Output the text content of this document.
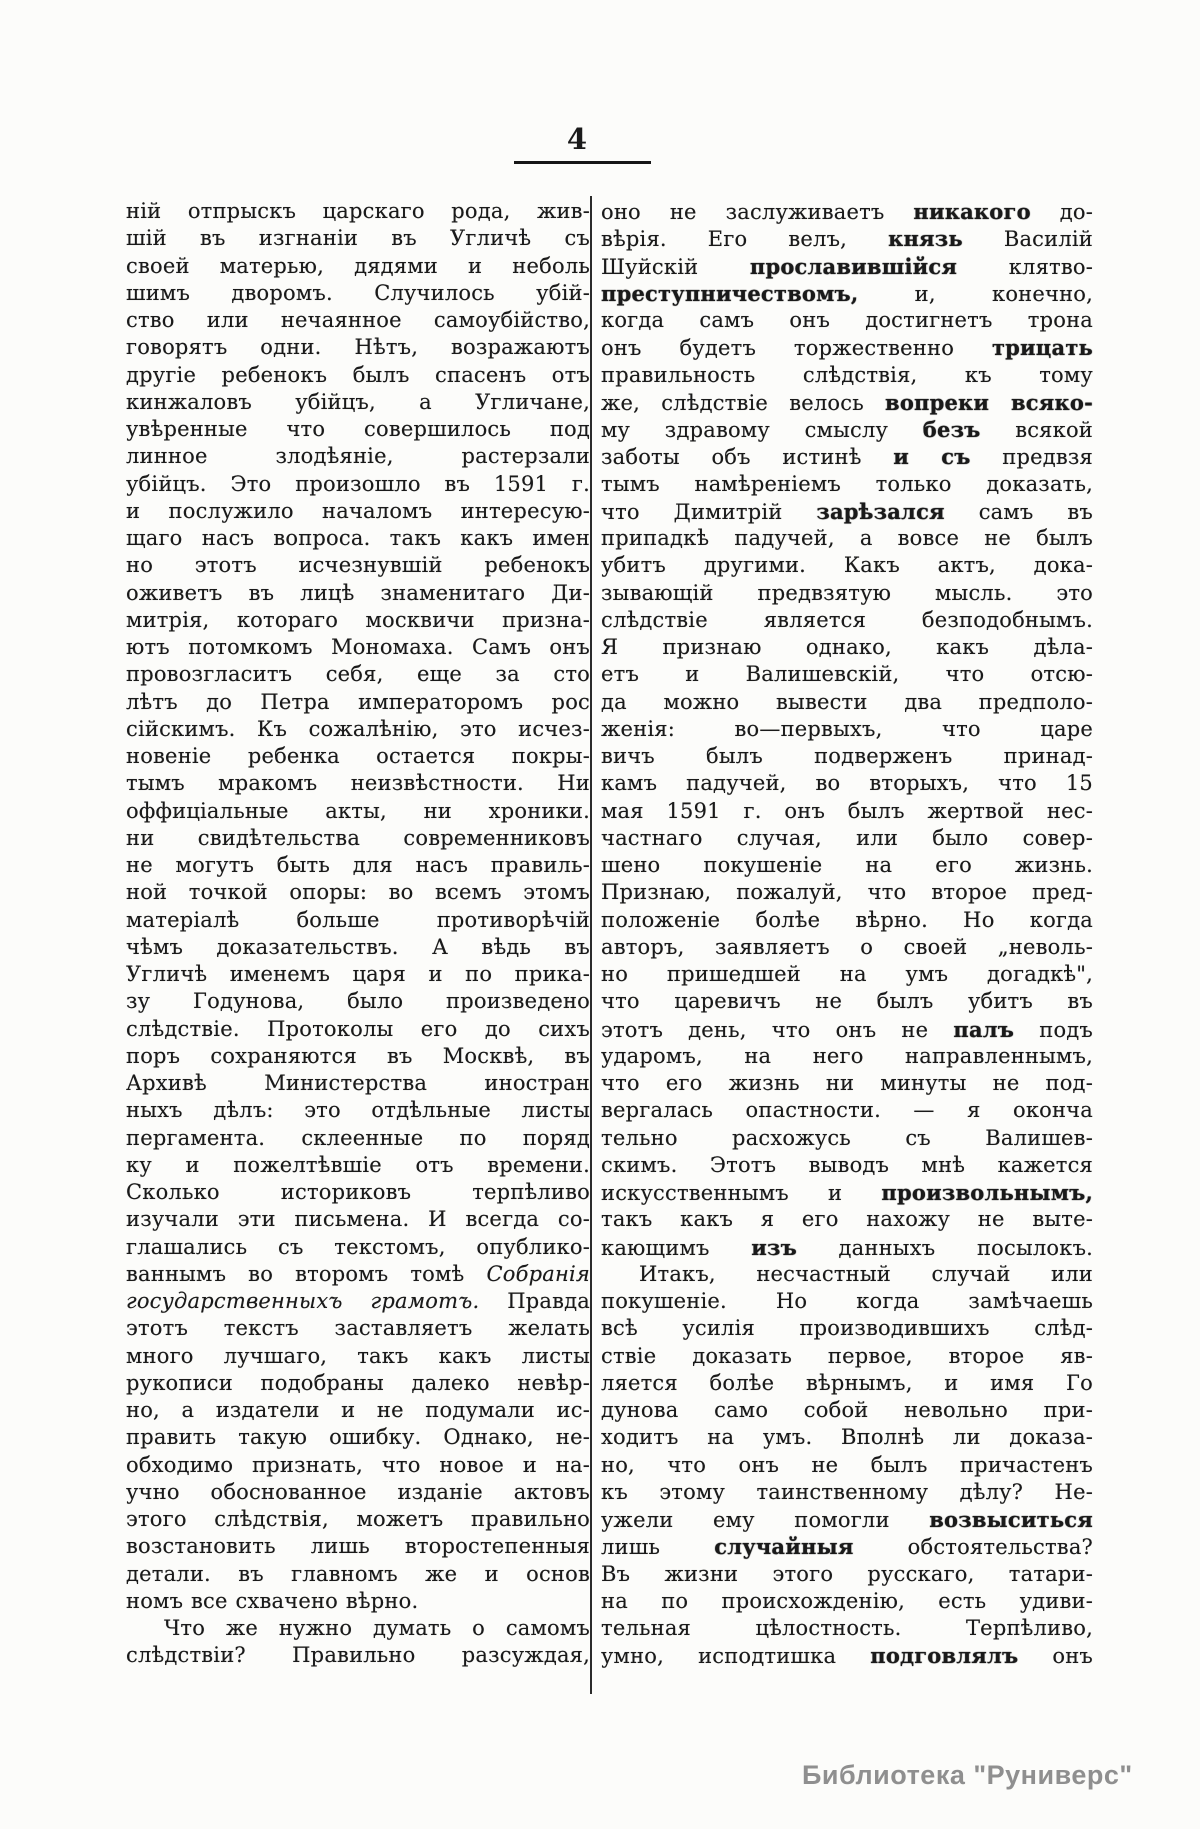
4
ній отпрыскъ царскаго рода, жив-
шій въ изгнаніи въ Угличѣ съ
своей матерью, дядями и неболь
шимъ дворомъ. Случилось убій-
ство или нечаянное самоубійство,
говорятъ одни. Нѣтъ, возражаютъ
другіе ребенокъ былъ спасенъ отъ
кинжаловъ убійцъ, а Угличане,
увѣренные что совершилось под
линное злодѣяніе, растерзали
убійцъ. Это произошло въ 1591 г.
и послужило началомъ интересую-
щаго насъ вопроса. такъ какъ имен
но этотъ исчезнувшій ребенокъ
оживетъ въ лицѣ знаменитаго Ди-
митрія, котораго москвичи призна-
ютъ потомкомъ Мономаха. Самъ онъ
провозгласитъ себя, еще за сто
лѣтъ до Петра императоромъ рос
сійскимъ. Къ сожалѣнію, это исчез-
новеніе ребенка остается покры-
тымъ мракомъ неизвѣстности. Ни
оффиціальные акты, ни хроники.
ни свидѣтельства современниковъ
не могутъ быть для насъ правиль-
ной точкой опоры: во всемъ этомъ
матеріалѣ больше противорѣчій
чѣмъ доказательствъ. А вѣдь въ
Угличѣ именемъ царя и по прика-
зу Годунова, было произведено
слѣдствіе. Протоколы его до сихъ
поръ сохраняются въ Москвѣ, въ
Архивѣ Министерства иностран
ныхъ дѣлъ: это отдѣльные листы
пергамента. склеенные по поряд
ку и пожелтѣвшіе отъ времени.
Сколько историковъ терпѣливо
изучали эти письмена. И всегда со-
глашались съ текстомъ, опублико-
ваннымъ во второмъ томѣ Собранія
государственныхъ грамотъ. Правда
этотъ текстъ заставляетъ желать
много лучшаго, такъ какъ листы
рукописи подобраны далеко невѣр-
но, а издатели и не подумали ис-
править такую ошибку. Однако, не-
обходимо признать, что новое и на-
учно обоснованное изданіе актовъ
этого слѣдствія, можетъ правильно
возстановить лишь второстепенныя
детали. въ главномъ же и основ
номъ все схвачено вѣрно.
Что же нужно думать о самомъ
слѣдствіи? Правильно разсуждая,
оно не заслуживаетъ никакого до-
вѣрія. Его велъ, князь Василій
Шуйскій прославившійся клятво-
преступничествомъ, и, конечно,
когда самъ онъ достигнетъ трона
онъ будетъ торжественно трицать
правильность слѣдствія, къ тому
же, слѣдствіе велось вопреки всяко-
му здравому смыслу безъ всякой
заботы объ истинѣ и съ предвзя
тымъ намѣреніемъ только доказать,
что Димитрій зарѣзался самъ въ
припадкѣ падучей, а вовсе не былъ
убитъ другими. Какъ актъ, дока-
зывающій предвзятую мысль. это
слѣдствіе является безподобнымъ.
Я признаю однако, какъ дѣла-
етъ и Валишевскій, что отсю-
да можно вывести два предполо-
женія: во—первыхъ, что царе
вичъ былъ подверженъ принад-
камъ падучей, во вторыхъ, что 15
мая 1591 г. онъ былъ жертвой нес-
частнаго случая, или было совер-
шено покушеніе на его жизнь.
Признаю, пожалуй, что второе пред-
положеніе болѣе вѣрно. Но когда
авторъ, заявляетъ о своей „неволь-
но пришедшей на умъ догадкѣ",
что царевичъ не былъ убитъ въ
этотъ день, что онъ не палъ подъ
ударомъ, на него направленнымъ,
что его жизнь ни минуты не под-
вергалась опастности. — я оконча
тельно расхожусь съ Валишев-
скимъ. Этотъ выводъ мнѣ кажется
искусственнымъ и произвольнымъ,
такъ какъ я его нахожу не выте-
кающимъ изъ данныхъ посылокъ.
Итакъ, несчастный случай или
покушеніе. Но когда замѣчаешь
всѣ усилія производившихъ слѣд-
ствіе доказать первое, второе яв-
ляется болѣе вѣрнымъ, и имя Го
дунова само собой невольно при-
ходитъ на умъ. Вполнѣ ли доказа-
но, что онъ не былъ причастенъ
къ этому таинственному дѣлу? Не-
ужели ему помогли возвыситься
лишь случайныя обстоятельства?
Въ жизни этого русскаго, татари-
на по происхожденію, есть удиви-
тельная цѣлостность. Терпѣливо,
умно, исподтишка подговлялъ онъ
Библиотека "Руниверс"
